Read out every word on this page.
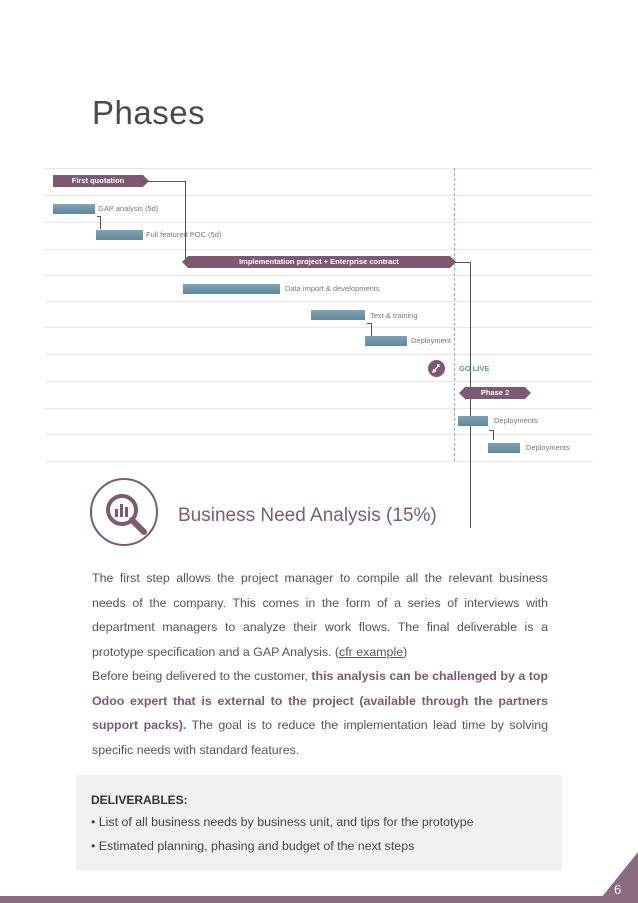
Phases
First quotation
GAP analysis (5d)
Full featured POC (5d)
Implementation project + Enterprise contract
Data import & developments
Test & training
Deployment
GO LIVE
Phase 2
Deployments
Deployments
Business Need Analysis (15%)
The first step allows the project manager to compile all the relevant business needs of the company. This comes in the form of a series of interviews with department managers to analyze their work flows. The final deliverable is a prototype specification and a GAP Analysis. (cfr example)
Before being delivered to the customer, this analysis can be challenged by a top Odoo expert that is external to the project (available through the partners support packs). The goal is to reduce the implementation lead time by solving specific needs with standard features.
DELIVERABLES:
• List of all business needs by business unit, and tips for the prototype
• Estimated planning, phasing and budget of the next steps
6
